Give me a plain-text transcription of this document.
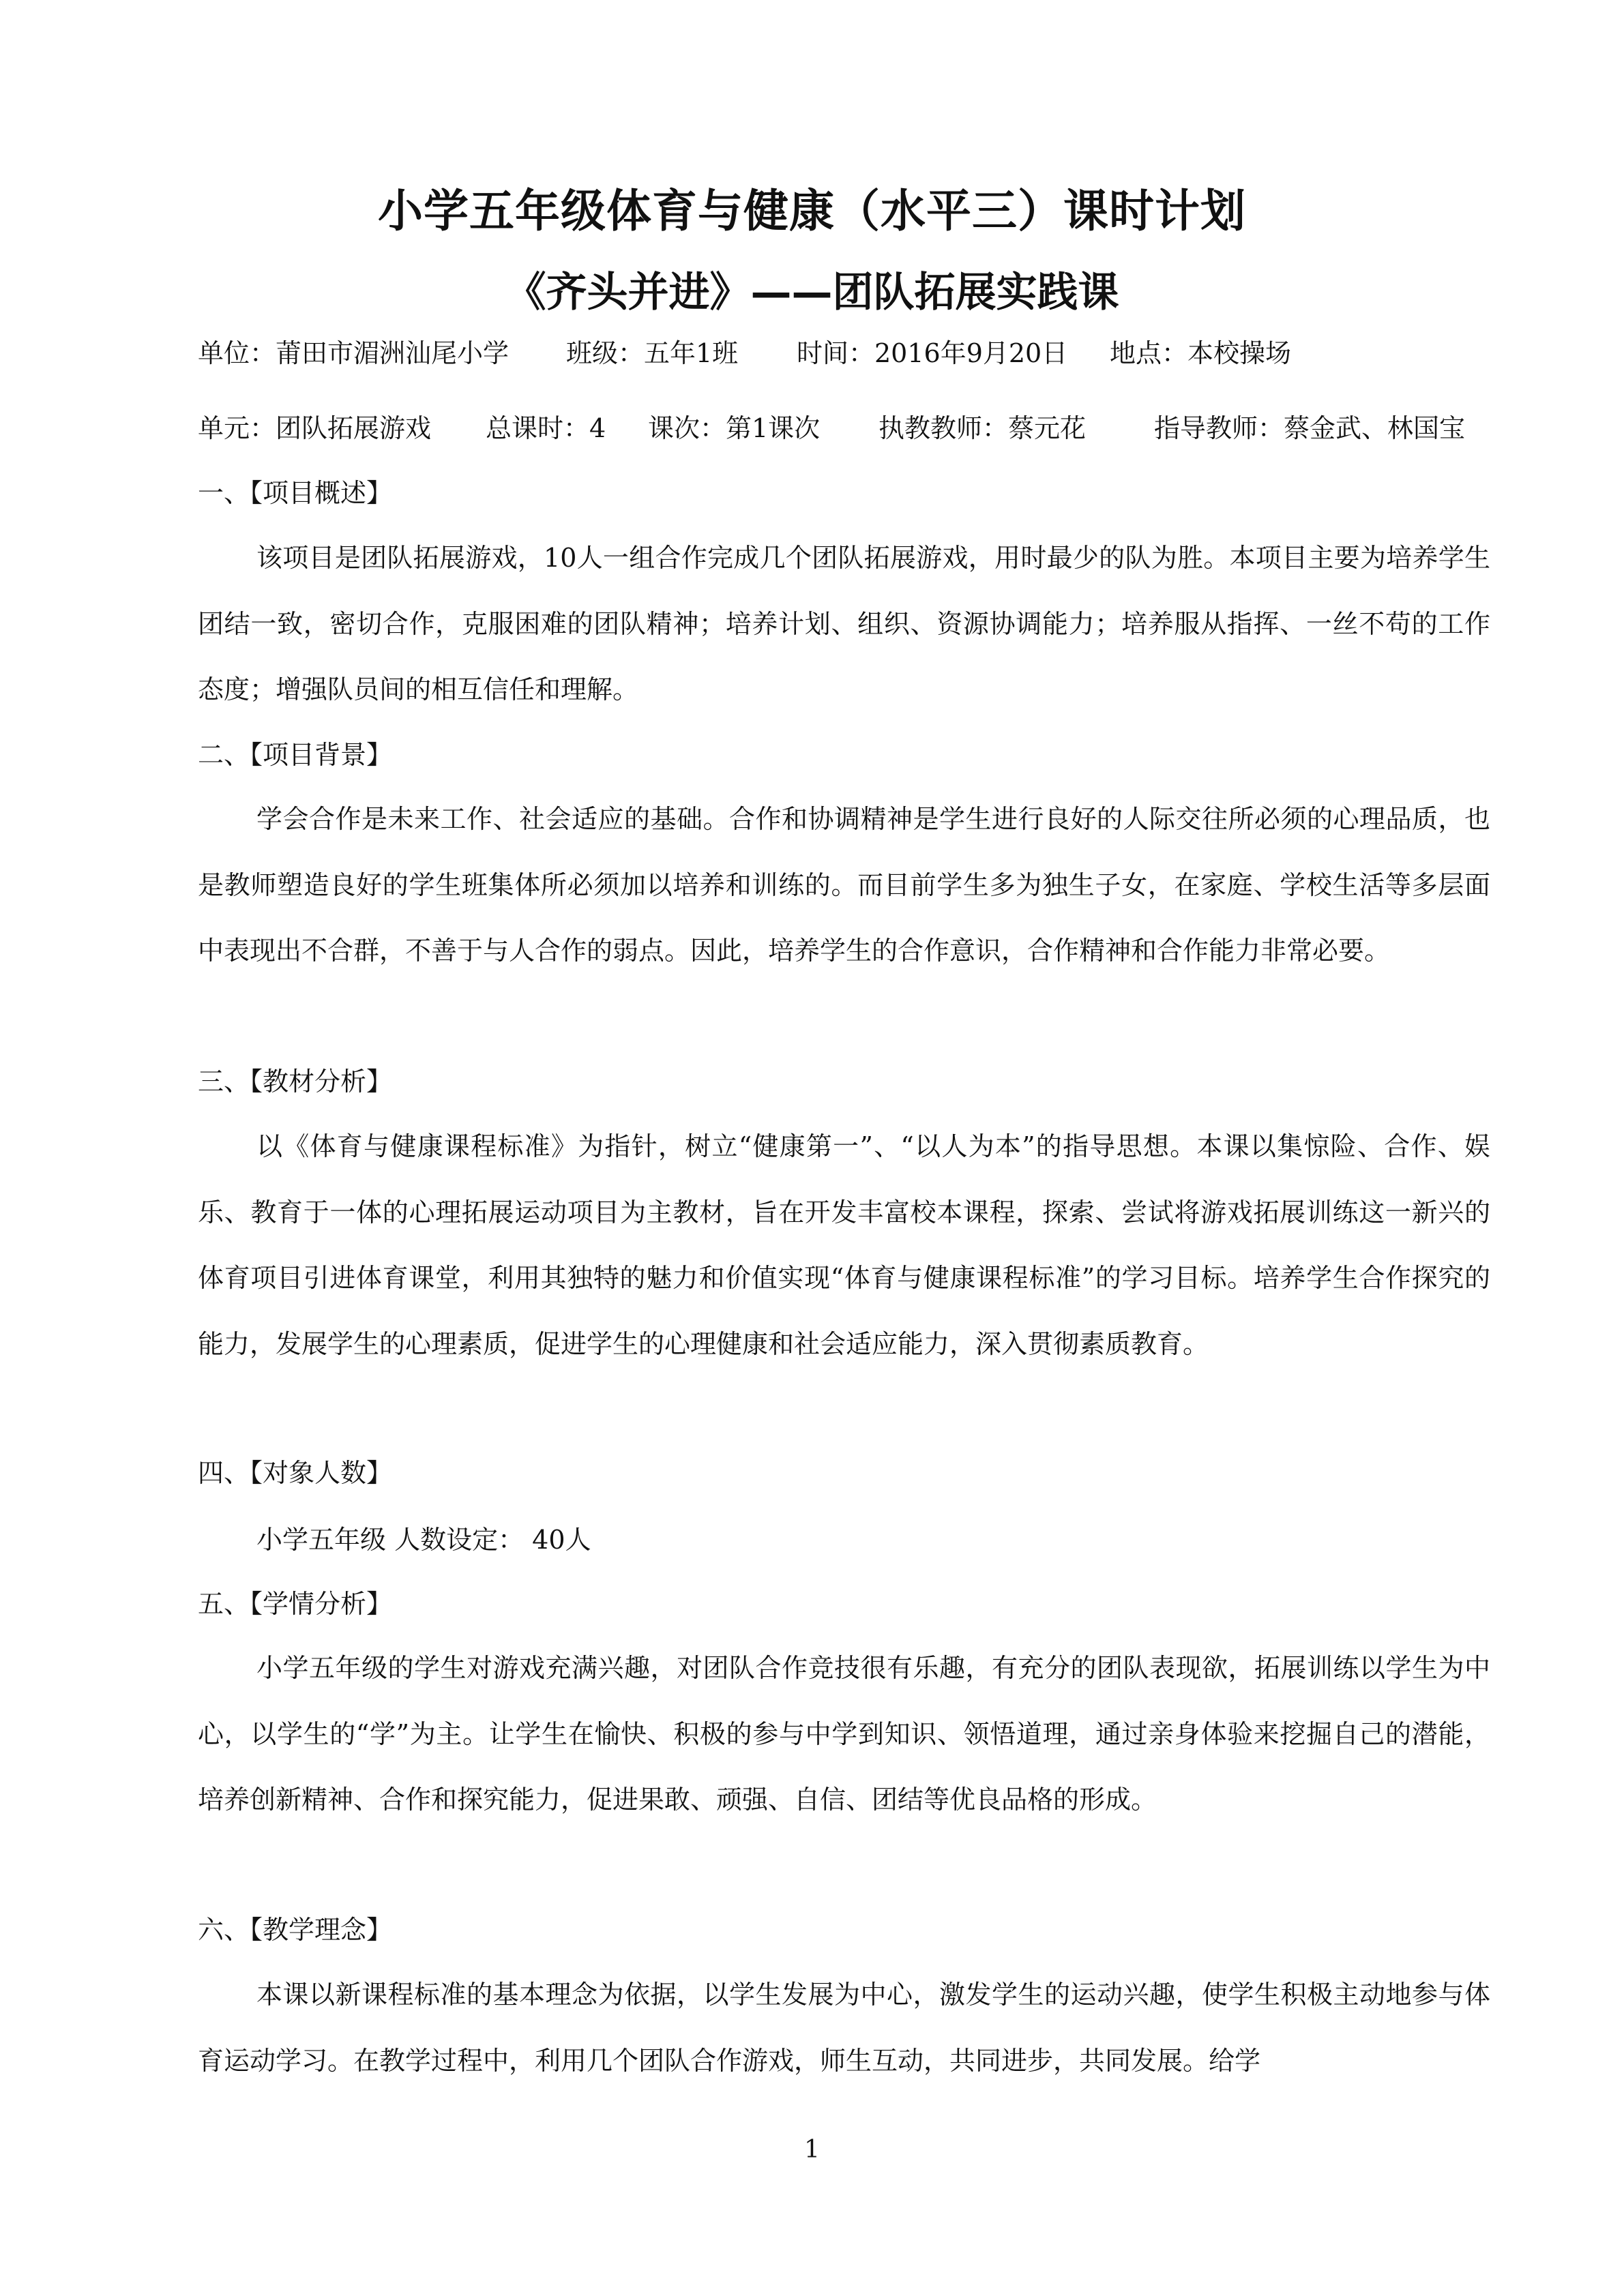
小学五年级体育与健康（水平三）课时计划
《齐头并进》——团队拓展实践课
单位：莆田市湄洲汕尾小学 班级：五年1班 时间：2016年9月20日 地点：本校操场
单元：团队拓展游戏 总课时：4 课次：第1课次 执教教师：蔡元花	指导教师：蔡金武、林国宝
一、【项目概述】
该项目是团队拓展游戏，10人一组合作完成几个团队拓展游戏，用时最少的队为胜。本项目主要为培养学生团结一致，密切合作，克服困难的团队精神；培养计划、组织、资源协调能力；培养服从指挥、一丝不苟的工作态度；增强队员间的相互信任和理解。
二、【项目背景】
学会合作是未来工作、社会适应的基础。合作和协调精神是学生进行良好的人际交往所必须的心理品质，也是教师塑造良好的学生班集体所必须加以培养和训练的。而目前学生多为独生子女，在家庭、学校生活等多层面中表现出不合群，不善于与人合作的弱点。因此，培养学生的合作意识，合作精神和合作能力非常必要。
三、【教材分析】
以《体育与健康课程标准》为指针，树立“健康第一”、“以人为本”的指导思想。本课以集惊险、合作、娱乐、教育于一体的心理拓展运动项目为主教材，旨在开发丰富校本课程，探索、尝试将游戏拓展训练这一新兴的体育项目引进体育课堂，利用其独特的魅力和价值实现“体育与健康课程标准”的学习目标。培养学生合作探究的能力，发展学生的心理素质，促进学生的心理健康和社会适应能力，深入贯彻素质教育。
四、【对象人数】
小学五年级 人数设定： 40人
五、【学情分析】
小学五年级的学生对游戏充满兴趣，对团队合作竞技很有乐趣，有充分的团队表现欲，拓展训练以学生为中心，以学生的“学”为主。让学生在愉快、积极的参与中学到知识、领悟道理，通过亲身体验来挖掘自己的潜能，培养创新精神、合作和探究能力，促进果敢、顽强、自信、团结等优良品格的形成。
六、【教学理念】
本课以新课程标准的基本理念为依据，以学生发展为中心，激发学生的运动兴趣，使学生积极主动地参与体育运动学习。在教学过程中，利用几个团队合作游戏，师生互动，共同进步，共同发展。给学
1
